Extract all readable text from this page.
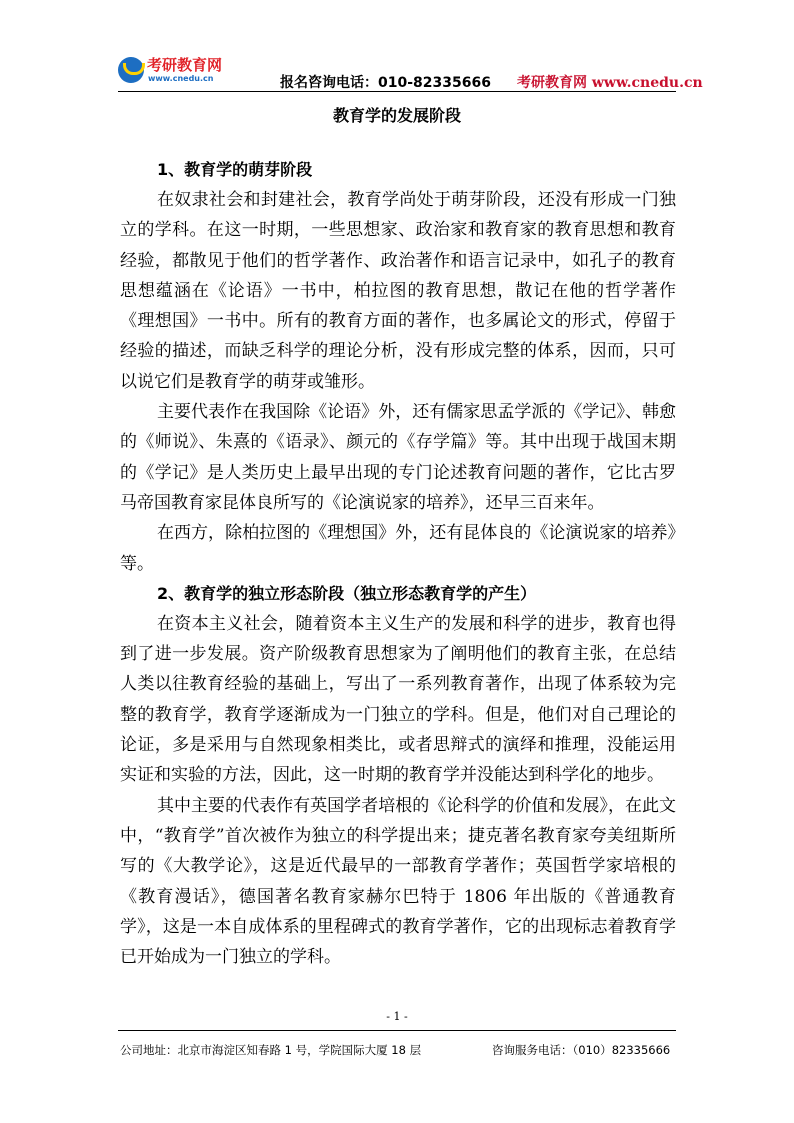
考研教育网
www.cnedu.cn	报名咨询电话：010-82335666 考研教育网 www.cnedu.cn
教育学的发展阶段
1、教育学的萌芽阶段

在奴隶社会和封建社会，教育学尚处于萌芽阶段，还没有形成一门独立的学科。在这一时期，一些思想家、政治家和教育家的教育思想和教育经验，都散见于他们的哲学著作、政治著作和语言记录中，如孔子的教育思想蕴涵在《论语》一书中，柏拉图的教育思想，散记在他的哲学著作《理想国》一书中。所有的教育方面的著作，也多属论文的形式，停留于经验的描述，而缺乏科学的理论分析，没有形成完整的体系，因而，只可以说它们是教育学的萌芽或雏形。

主要代表作在我国除《论语》外，还有儒家思孟学派的《学记》、韩愈的《师说》、朱熹的《语录》、颜元的《存学篇》等。其中出现于战国末期的《学记》是人类历史上最早出现的专门论述教育问题的著作，它比古罗马帝国教育家昆体良所写的《论演说家的培养》，还早三百来年。

在西方，除柏拉图的《理想国》外，还有昆体良的《论演说家的培养》等。

2、教育学的独立形态阶段（独立形态教育学的产生）

在资本主义社会，随着资本主义生产的发展和科学的进步，教育也得到了进一步发展。资产阶级教育思想家为了阐明他们的教育主张，在总结人类以往教育经验的基础上，写出了一系列教育著作，出现了体系较为完整的教育学，教育学逐渐成为一门独立的学科。但是，他们对自己理论的论证，多是采用与自然现象相类比，或者思辩式的演绎和推理，没能运用实证和实验的方法，因此，这一时期的教育学并没能达到科学化的地步。

其中主要的代表作有英国学者培根的《论科学的价值和发展》，在此文中，“教育学”首次被作为独立的科学提出来；捷克著名教育家夸美纽斯所写的《大教学论》，这是近代最早的一部教育学著作；英国哲学家培根的《教育漫话》，德国著名教育家赫尔巴特于 1806 年出版的《普通教育学》，这是一本自成体系的里程碑式的教育学著作，它的出现标志着教育学已开始成为一门独立的学科。

- 1 -
公司地址：北京市海淀区知春路 1 号，学院国际大厦 18 层	咨询服务电话：（010）82335666
